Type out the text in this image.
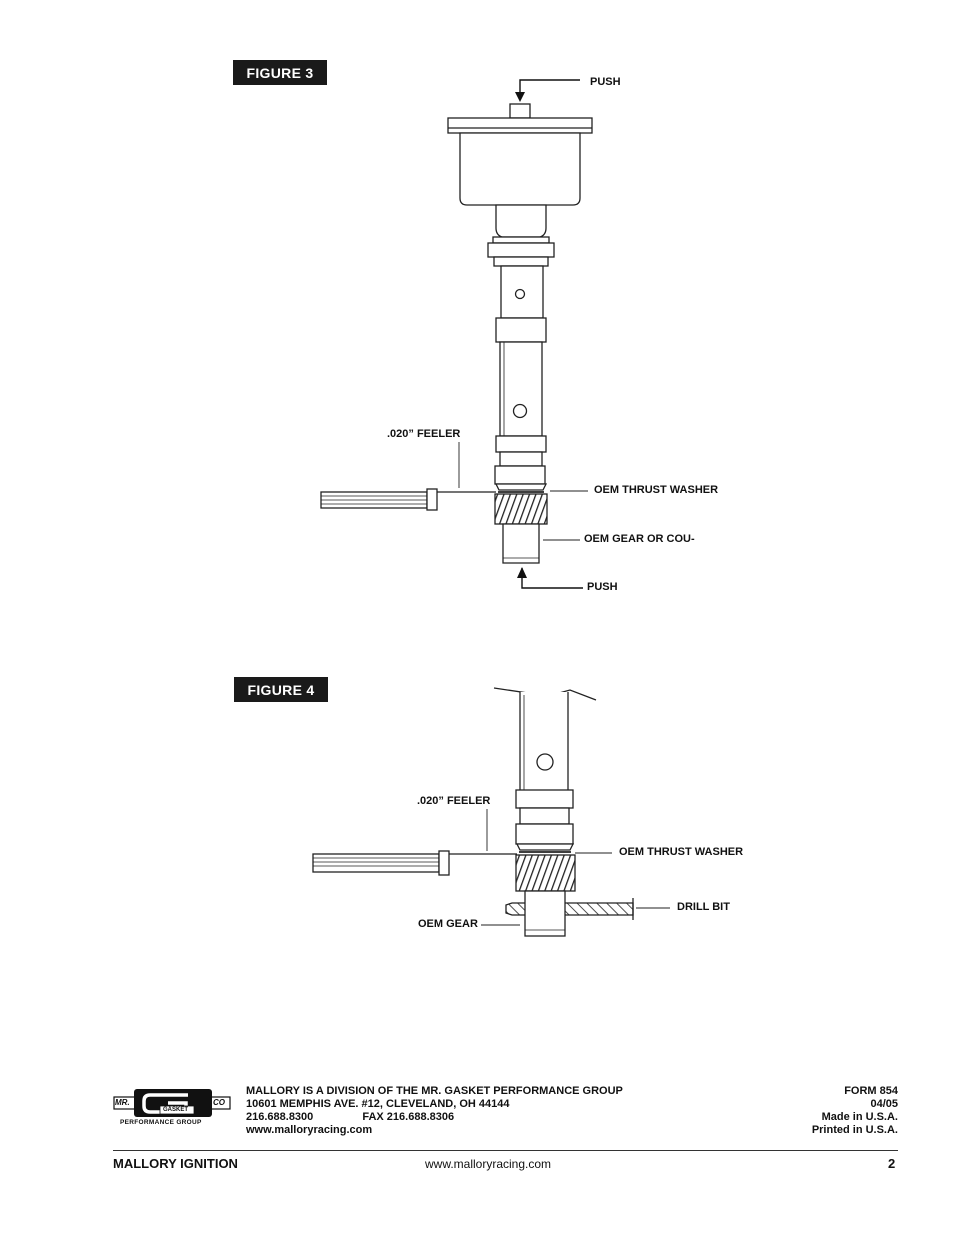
FIGURE 3
FIGURE 4
PUSH
.020” FEELER
OEM THRUST WASHER
OEM GEAR OR COU-
PUSH
.020” FEELER
OEM THRUST WASHER
DRILL BIT
OEM GEAR
MR.	CO
GASKET
PERFORMANCE GROUP
MALLORY IS A DIVISION OF THE MR. GASKET PERFORMANCE GROUP
10601 MEMPHIS AVE. #12, CLEVELAND, OH 44144
216.688.8300	FAX 216.688.8306
www.malloryracing.com
FORM 854
04/05
Made in U.S.A.
Printed in U.S.A.
MALLORY IGNITION	www.malloryracing.com	2
